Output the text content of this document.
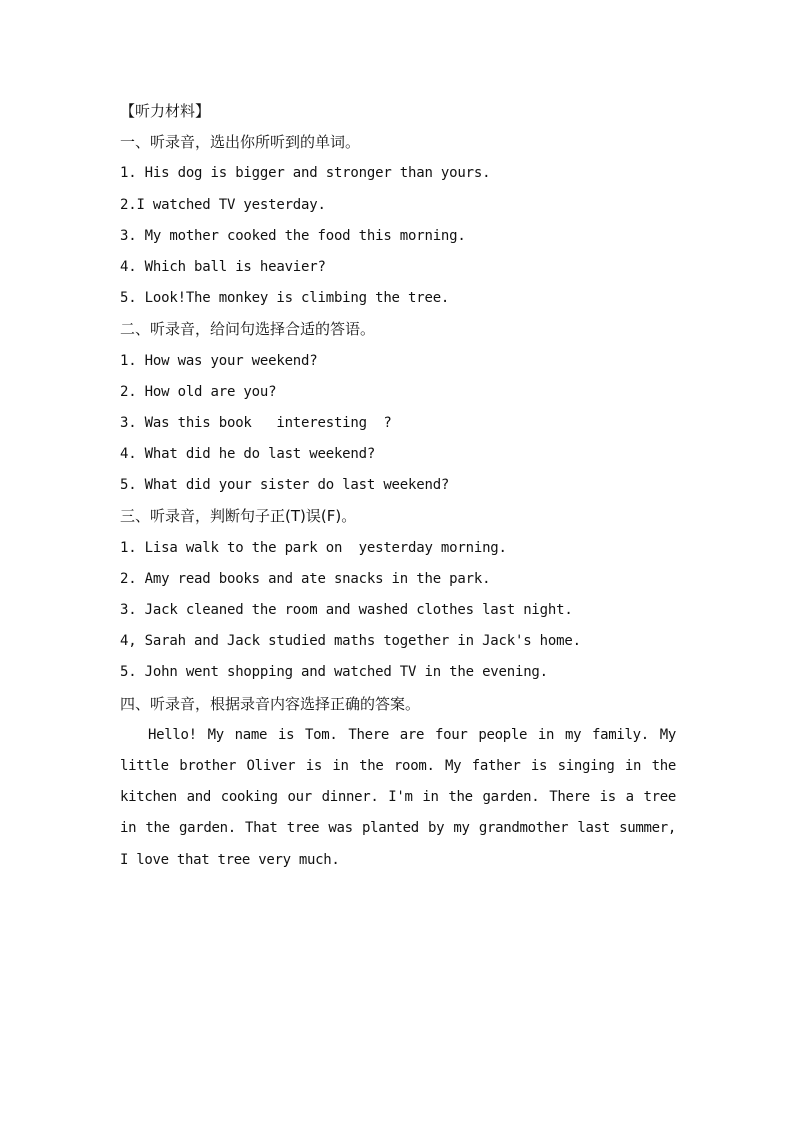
【听力材料】
一、听录音，选出你所听到的单词。
1. His dog is bigger and stronger than yours.
2.I watched TV yesterday.
3. My mother cooked the food this morning.
4. Which ball is heavier?
5. Look!The monkey is climbing the tree.
二、听录音，给问句选择合适的答语。
1. How was your weekend?
2. How old are you?
3. Was this book   interesting  ?
4. What did he do last weekend?
5. What did your sister do last weekend?
三、听录音，判断句子正(T)误(F)。
1. Lisa walk to the park on  yesterday morning.
2. Amy read books and ate snacks in the park.
3. Jack cleaned the room and washed clothes last night.
4, Sarah and Jack studied maths together in Jack's home.
5. John went shopping and watched TV in the evening.
四、听录音，根据录音内容选择正确的答案。

Hello! My name is Tom. There are four people in my family. My little brother Oliver is in the room. My father is singing in the kitchen and cooking our dinner. I'm in the garden. There is a tree in the garden. That tree was planted by my grandmother last summer, I love that tree very much.
